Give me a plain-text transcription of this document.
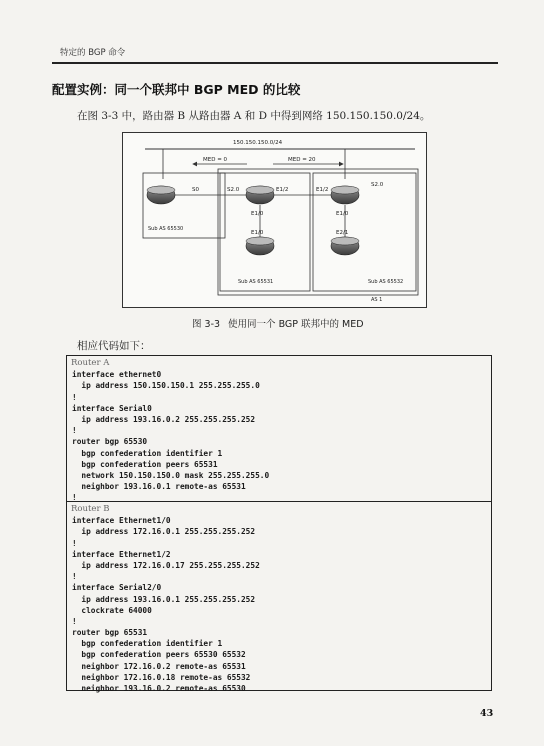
特定的 BGP 命令
配置实例：同一个联邦中 BGP MED 的比较
在图 3-3 中，路由器 B 从路由器 A 和 D 中得到网络 150.150.150.0/24。
150.150.150.0/24
MED = 0	MED = 20
S0	S2.0	E1/2	E1/2
S2.0
E1/0
E1/0
E1/0
E2/1
Sub AS 65530
Sub AS 65531	Sub AS 65532
AS 1
图 3-3 使用同一个 BGP 联邦中的 MED
相应代码如下：
Router A
interface ethernet0
ip address 150.150.150.1 255.255.255.0
!
interface Serial0
ip address 193.16.0.2 255.255.255.252
!
router bgp 65530
bgp confederation identifier 1
bgp confederation peers 65531
network 150.150.150.0 mask 255.255.255.0
neighbor 193.16.0.1 remote-as 65531
!
Router B
interface Ethernet1/0
ip address 172.16.0.1 255.255.255.252
!
interface Ethernet1/2
ip address 172.16.0.17 255.255.255.252
!
interface Serial2/0
ip address 193.16.0.1 255.255.255.252
clockrate 64000
!
router bgp 65531
bgp confederation identifier 1
bgp confederation peers 65530 65532
neighbor 172.16.0.2 remote-as 65531
neighbor 172.16.0.18 remote-as 65532
neighbor 193.16.0.2 remote-as 65530
43
